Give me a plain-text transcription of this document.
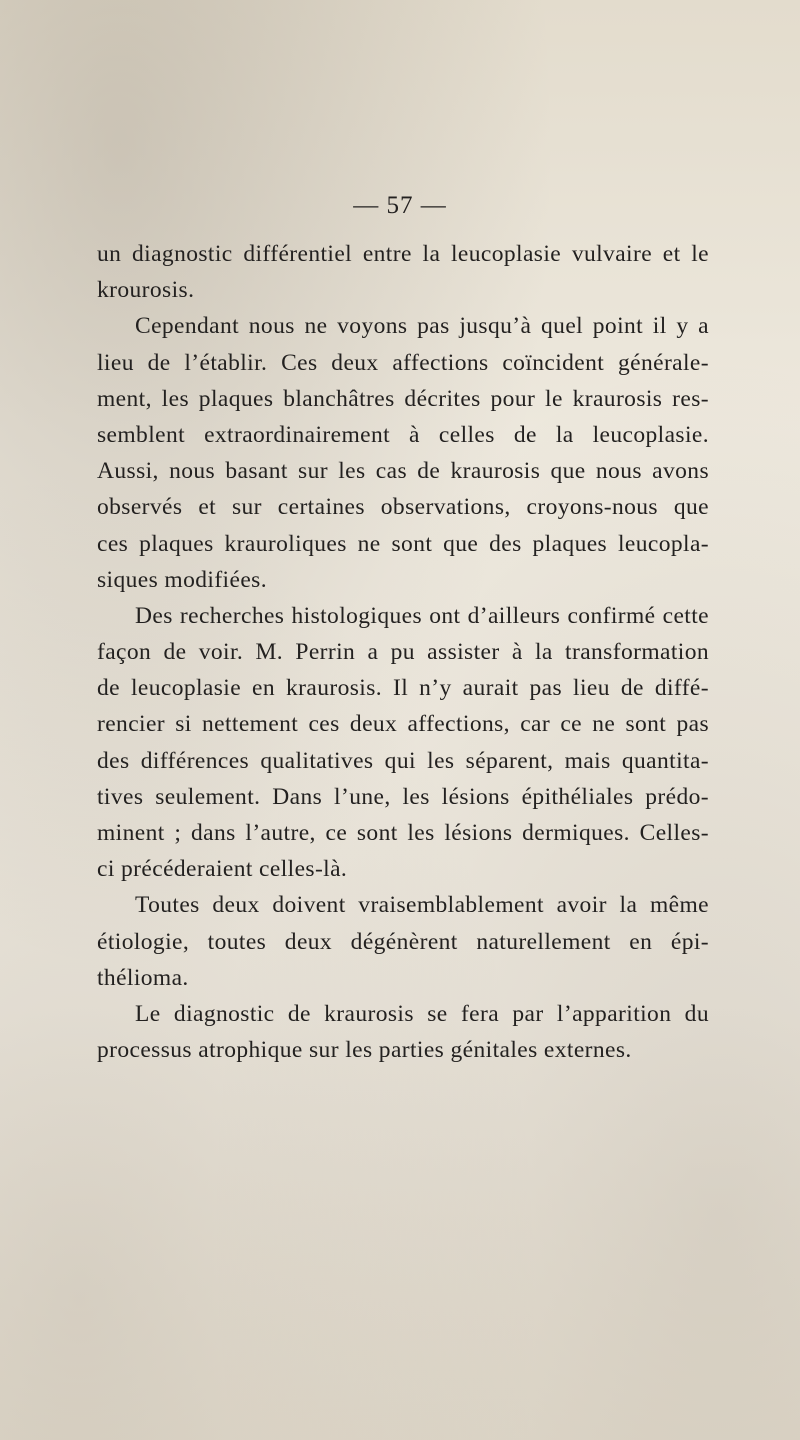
— 57 —
un diagnostic différentiel entre la leucoplasie vulvaire et le
krourosis.
Cependant nous ne voyons pas jusqu’à quel point il y a
lieu de l’établir. Ces deux affections coïncident générale-
ment, les plaques blanchâtres décrites pour le kraurosis res-
semblent extraordinairement à celles de la leucoplasie.
Aussi, nous basant sur les cas de kraurosis que nous avons
observés et sur certaines observations, croyons-nous que
ces plaques krauroliques ne sont que des plaques leucopla-
siques modifiées.
Des recherches histologiques ont d’ailleurs confirmé cette
façon de voir. M. Perrin a pu assister à la transformation
de leucoplasie en kraurosis. Il n’y aurait pas lieu de diffé-
rencier si nettement ces deux affections, car ce ne sont pas
des différences qualitatives qui les séparent, mais quantita-
tives seulement. Dans l’une, les lésions épithéliales prédo-
minent ; dans l’autre, ce sont les lésions dermiques. Celles-
ci précéderaient celles-là.
Toutes deux doivent vraisemblablement avoir la même
étiologie, toutes deux dégénèrent naturellement en épi-
thélioma.
Le diagnostic de kraurosis se fera par l’apparition du
processus atrophique sur les parties génitales externes.
